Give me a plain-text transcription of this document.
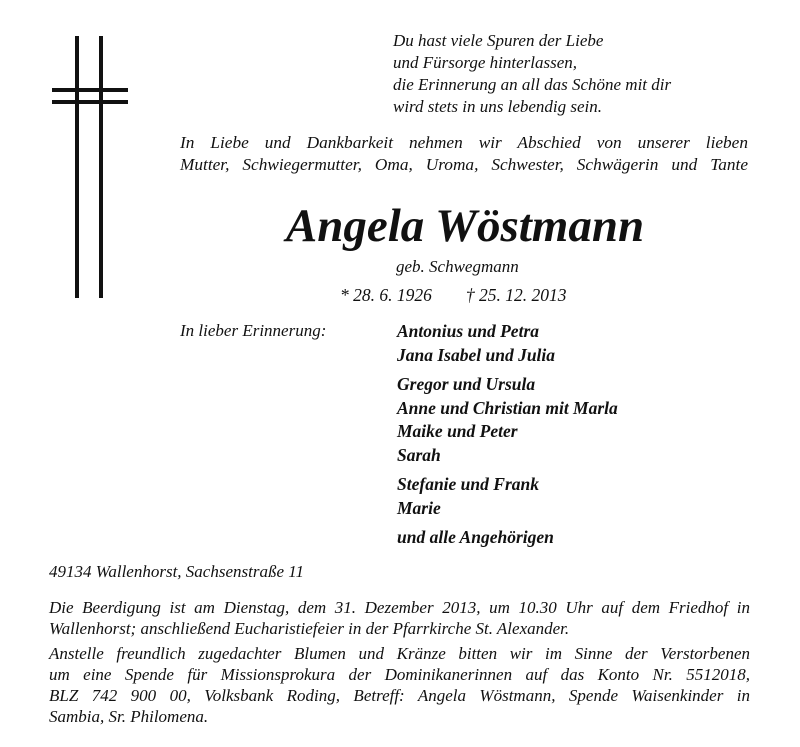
Du hast viele Spuren der Liebe
und Fürsorge hinterlassen,
die Erinnerung an all das Schöne mit dir
wird stets in uns lebendig sein.
In Liebe und Dankbarkeit nehmen wir Abschied von unserer lieben
Mutter, Schwiegermutter, Oma, Uroma, Schwester, Schwägerin und Tante
Angela Wöstmann
geb. Schwegmann
* 28. 6. 1926 † 25. 12. 2013
In lieber Erinnerung:	Antonius und Petra
Jana Isabel und Julia
Gregor und Ursula
Anne und Christian mit Marla
Maike und Peter
Sarah
Stefanie und Frank
Marie
und alle Angehörigen
49134 Wallenhorst, Sachsenstraße 11
Die Beerdigung ist am Dienstag, dem 31. Dezember 2013, um 10.30 Uhr auf dem Friedhof in
Wallenhorst; anschließend Eucharistiefeier in der Pfarrkirche St. Alexander.
Anstelle freundlich zugedachter Blumen und Kränze bitten wir im Sinne der Verstorbenen
um eine Spende für Missionsprokura der Dominikanerinnen auf das Konto Nr. 5512018,
BLZ 742 900 00, Volksbank Roding, Betreff: Angela Wöstmann, Spende Waisenkinder in
Sambia, Sr. Philomena.
